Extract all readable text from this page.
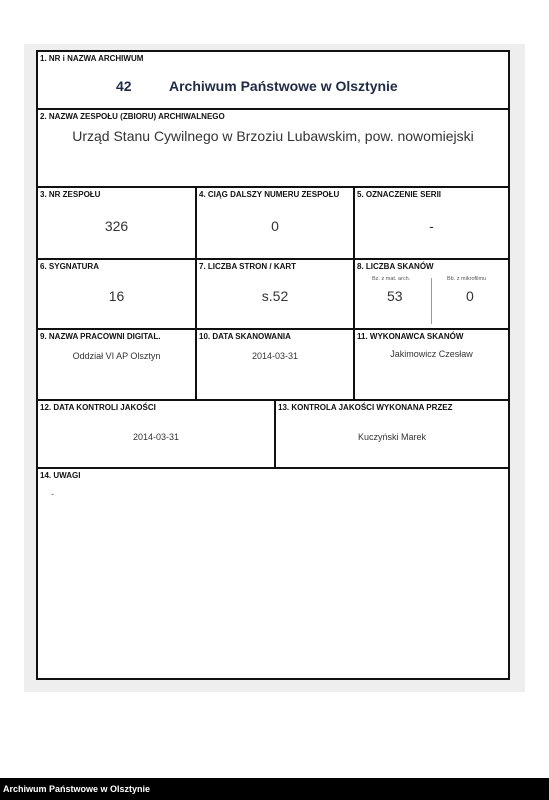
1. NR i NAZWA ARCHIWUM
42	Archiwum Państwowe w Olsztynie
2. NAZWA ZESPOŁU (ZBIORU) ARCHIWALNEGO
Urząd Stanu Cywilnego w Brzoziu Lubawskim, pow. nowomiejski
3. NR ZESPOŁU
326
4. CIĄG DALSZY NUMERU ZESPOŁU
0
5. OZNACZENIE SERII
-
6. SYGNATURA
16
7. LICZBA STRON / KART
s.52
8. LICZBA SKANÓW
Bz. z mat. arch.	Bb. z mikrofilmu
53	0
9. NAZWA PRACOWNI DIGITAL.
Oddział VI AP Olsztyn
10. DATA SKANOWANIA
2014-03-31
11. WYKONAWCA SKANÓW
Jakimowicz Czesław
12. DATA KONTROLI JAKOŚCI
2014-03-31
13. KONTROLA JAKOŚCI WYKONANA PRZEZ
Kuczyński Marek
14. UWAGI
-
Archiwum Państwowe w Olsztynie
